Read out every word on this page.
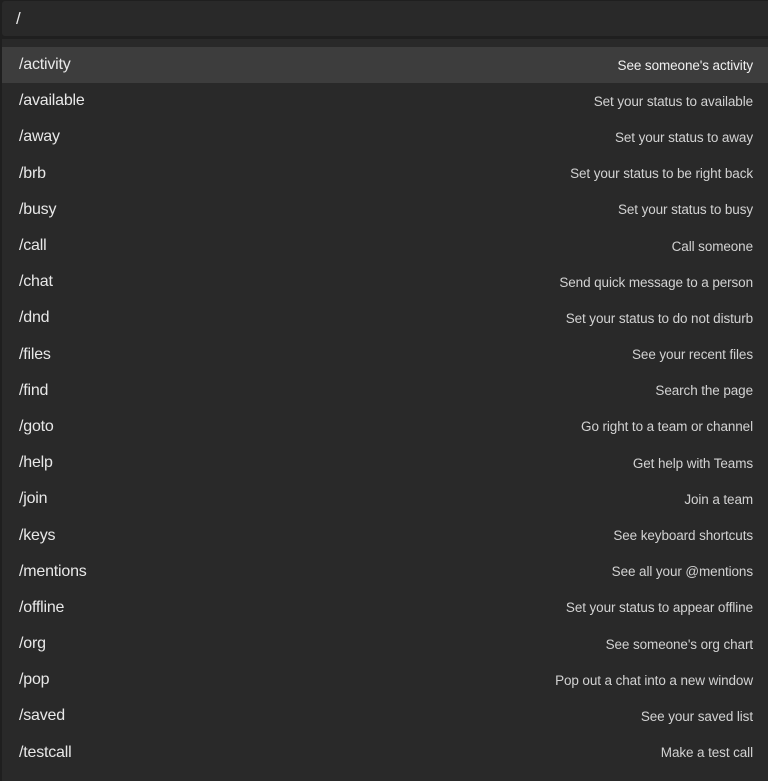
/
/activity	See someone's activity
/available	Set your status to available
/away	Set your status to away
/brb	Set your status to be right back
/busy	Set your status to busy
/call	Call someone
/chat	Send quick message to a person
/dnd	Set your status to do not disturb
/files	See your recent files
/find	Search the page
/goto	Go right to a team or channel
/help	Get help with Teams
/join	Join a team
/keys	See keyboard shortcuts
/mentions	See all your @mentions
/offline	Set your status to appear offline
/org	See someone's org chart
/pop	Pop out a chat into a new window
/saved	See your saved list
/testcall	Make a test call
